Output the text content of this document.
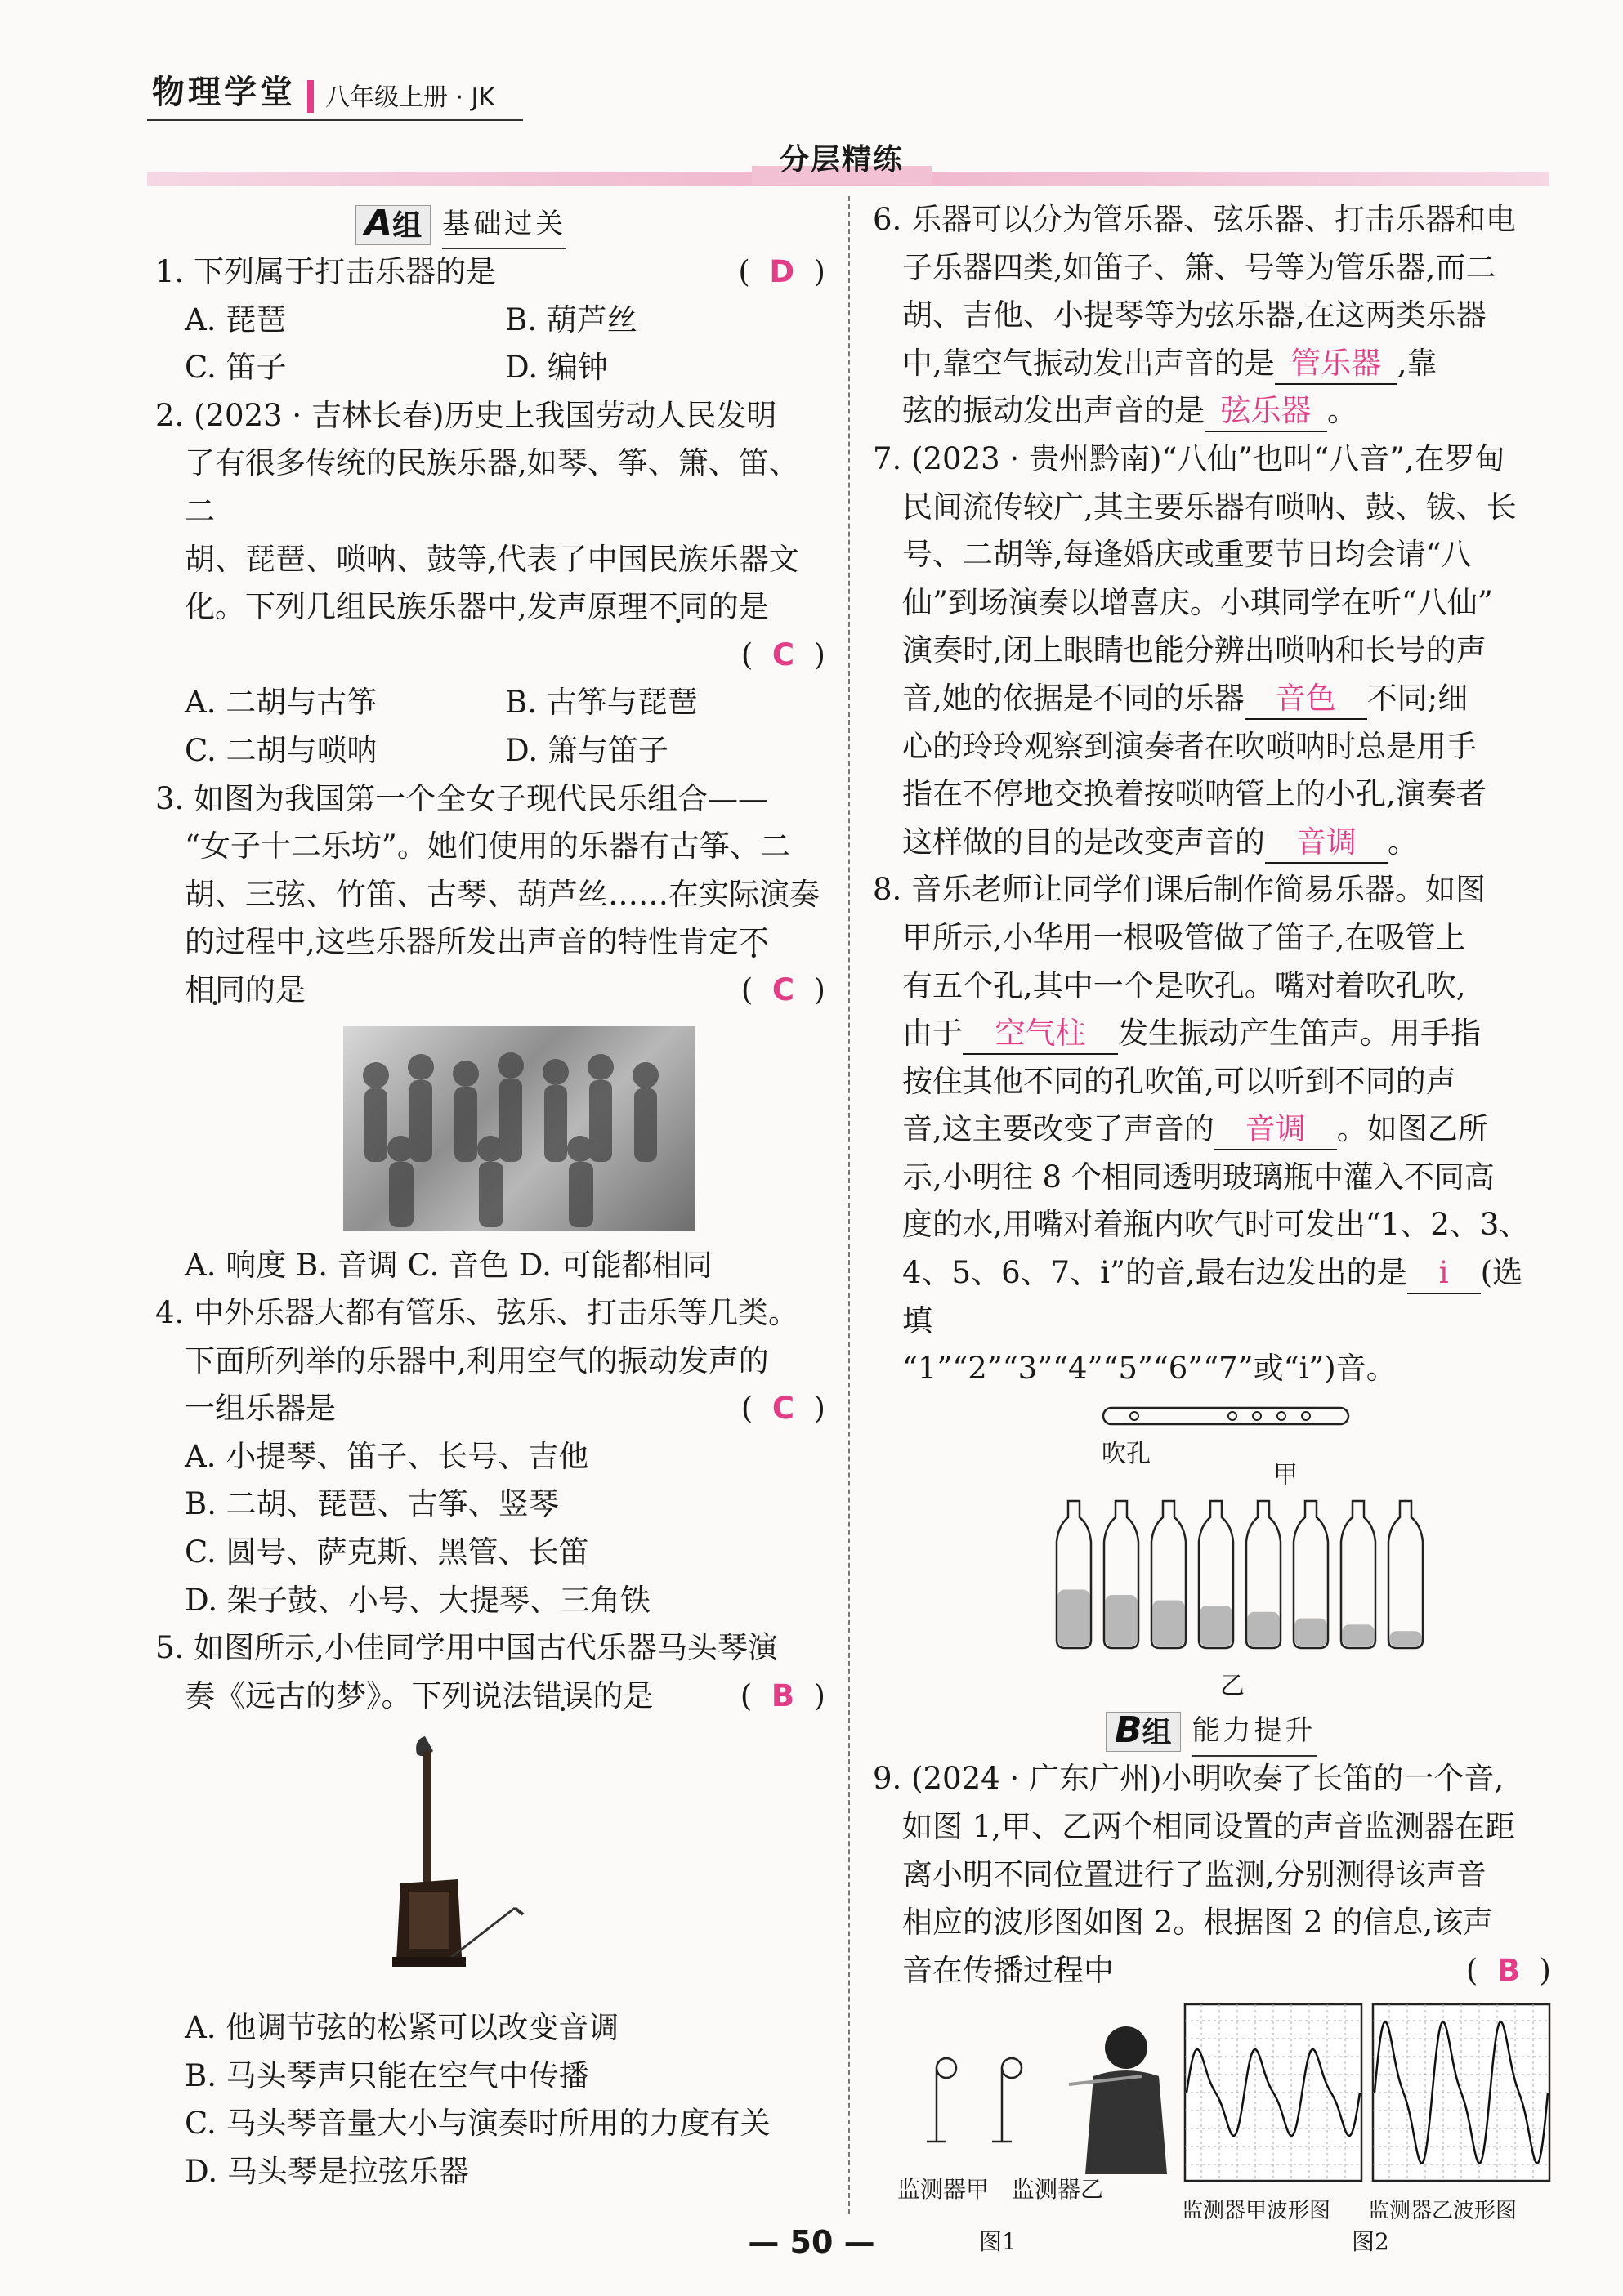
物理学堂 八年级上册 · JK
分层精练
A组 基础过关

1. 下列属于打击乐器的是	(  D  )

A. 琵琶	B. 葫芦丝

C. 笛子	D. 编钟

2. (2023 · 吉林长春)历史上我国劳动人民发明

了有很多传统的民族乐器,如琴、筝、箫、笛、二

胡、琵琶、唢呐、鼓等,代表了中国民族乐器文

化。下列几组民族乐器中,发声原理不同的是

(  C  )

A. 二胡与古筝	B. 古筝与琵琶

C. 二胡与唢呐	D. 箫与笛子

3. 如图为我国第一个全女子现代民乐组合——

“女子十二乐坊”。她们使用的乐器有古筝、二

胡、三弦、竹笛、古琴、葫芦丝……在实际演奏

的过程中,这些乐器所发出声音的特性肯定不

相同的是	(  C  )

A. 响度 B. 音调 C. 音色 D. 可能都相同

4. 中外乐器大都有管乐、弦乐、打击乐等几类。

下面所列举的乐器中,利用空气的振动发声的

一组乐器是	(  C  )

A. 小提琴、笛子、长号、吉他

B. 二胡、琵琶、古筝、竖琴

C. 圆号、萨克斯、黑管、长笛

D. 架子鼓、小号、大提琴、三角铁

5. 如图所示,小佳同学用中国古代乐器马头琴演

奏《远古的梦》。下列说法错误的是	(  B  )

A. 他调节弦的松紧可以改变音调

B. 马头琴声只能在空气中传播

C. 马头琴音量大小与演奏时所用的力度有关

D. 马头琴是拉弦乐器

6. 乐器可以分为管乐器、弦乐器、打击乐器和电

子乐器四类,如笛子、箫、号等为管乐器,而二

胡、吉他、小提琴等为弦乐器,在这两类乐器

中,靠空气振动发出声音的是 管乐器 ,靠

弦的振动发出声音的是 弦乐器 。

7. (2023 · 贵州黔南)“八仙”也叫“八音”,在罗甸

民间流传较广,其主要乐器有唢呐、鼓、钹、长

号、二胡等,每逢婚庆或重要节日均会请“八

仙”到场演奏以增喜庆。小琪同学在听“八仙”

演奏时,闭上眼睛也能分辨出唢呐和长号的声

音,她的依据是不同的乐器 音色 不同;细

心的玲玲观察到演奏者在吹唢呐时总是用手

指在不停地交换着按唢呐管上的小孔,演奏者

这样做的目的是改变声音的 音调 。

8. 音乐老师让同学们课后制作简易乐器。如图

甲所示,小华用一根吸管做了笛子,在吸管上

有五个孔,其中一个是吹孔。嘴对着吹孔吹,

由于 空气柱 发生振动产生笛声。用手指

按住其他不同的孔吹笛,可以听到不同的声

音,这主要改变了声音的 音调 。如图乙所

示,小明往 8 个相同透明玻璃瓶中灌入不同高

度的水,用嘴对着瓶内吹气时可发出“1、2、3、

4、5、6、7、i”的音,最右边发出的是 i (选填

“1”“2”“3”“4”“5”“6”“7”或“i”)音。

吹孔
甲
乙
B组 能力提升

9. (2024 · 广东广州)小明吹奏了长笛的一个音,

如图 1,甲、乙两个相同设置的声音监测器在距

离小明不同位置进行了监测,分别测得该声音

相应的波形图如图 2。根据图 2 的信息,该声

音在传播过程中	(  B  )

监测器甲 监测器乙
图1
监测器甲波形图 监测器乙波形图
图2
— 50 —
